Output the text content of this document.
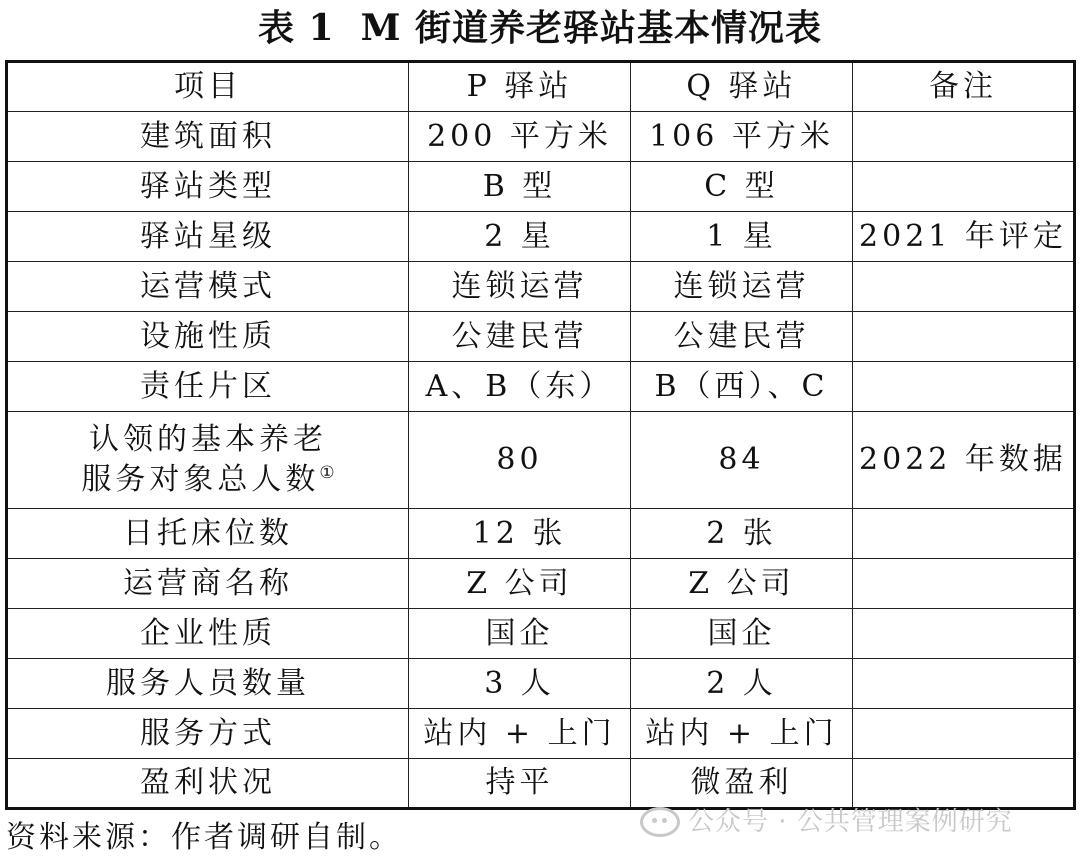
表 1 M 街道养老驿站基本情况表
项目	P 驿站	Q 驿站	备注
建筑面积	200 平方米	106 平方米	
驿站类型	B 型	C 型	
驿站星级	2 星	1 星	2021 年评定
运营模式	连锁运营	连锁运营	
设施性质	公建民营	公建民营	
责任片区	A、B（东）	B（西）、C	

认领的基本养老
服务对象总人数①	80	84	2022 年数据
日托床位数	12 张	2 张	
运营商名称	Z 公司	Z 公司	
企业性质	国企	国企	
服务人员数量	3 人	2 人	
服务方式	站内 + 上门	站内 + 上门	
盈利状况	持平	微盈利	
资料来源：作者调研自制。	公众号 · 公共管理案例研究
